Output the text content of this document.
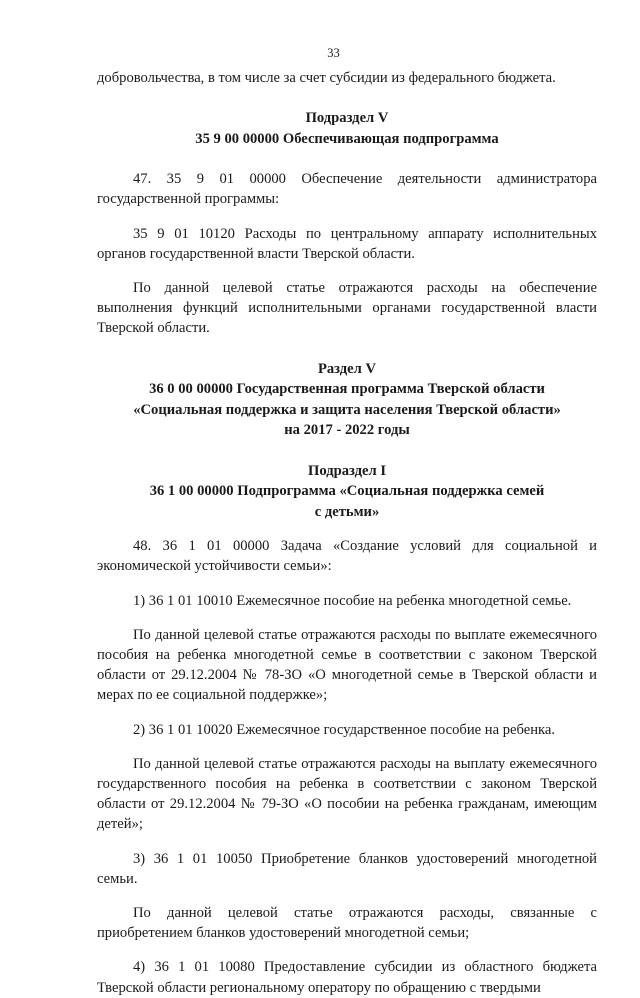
33

добровольчества, в том числе за счет субсидии из федерального бюджета.

Подраздел V

35 9 00 00000 Обеспечивающая подпрограмма

47. 35 9 01 00000 Обеспечение деятельности администратора государственной программы:

35 9 01 10120 Расходы по центральному аппарату исполнительных органов государственной власти Тверской области.

По данной целевой статье отражаются расходы на обеспечение выполнения функций исполнительными органами государственной власти Тверской области.

Раздел V

36 0 00 00000 Государственная программа Тверской области

«Социальная поддержка и защита населения Тверской области»

на 2017 - 2022 годы

Подраздел I

36 1 00 00000 Подпрограмма «Социальная поддержка семей

с детьми»

48. 36 1 01 00000 Задача «Создание условий для социальной и экономической устойчивости семьи»:

1) 36 1 01 10010 Ежемесячное пособие на ребенка многодетной семье.

По данной целевой статье отражаются расходы по выплате ежемесячного пособия на ребенка многодетной семье в соответствии с законом Тверской области от 29.12.2004 № 78-ЗО «О многодетной семье в Тверской области и мерах по ее социальной поддержке»;

2) 36 1 01 10020 Ежемесячное государственное пособие на ребенка.

По данной целевой статье отражаются расходы на выплату ежемесячного государственного пособия на ребенка в соответствии с законом Тверской области от 29.12.2004 № 79-ЗО «О пособии на ребенка гражданам, имеющим детей»;

3) 36 1 01 10050 Приобретение бланков удостоверений многодетной семьи.

По данной целевой статье отражаются расходы, связанные с приобретением бланков удостоверений многодетной семьи;

4) 36 1 01 10080 Предоставление субсидии из областного бюджета Тверской области региональному оператору по обращению с твердыми
